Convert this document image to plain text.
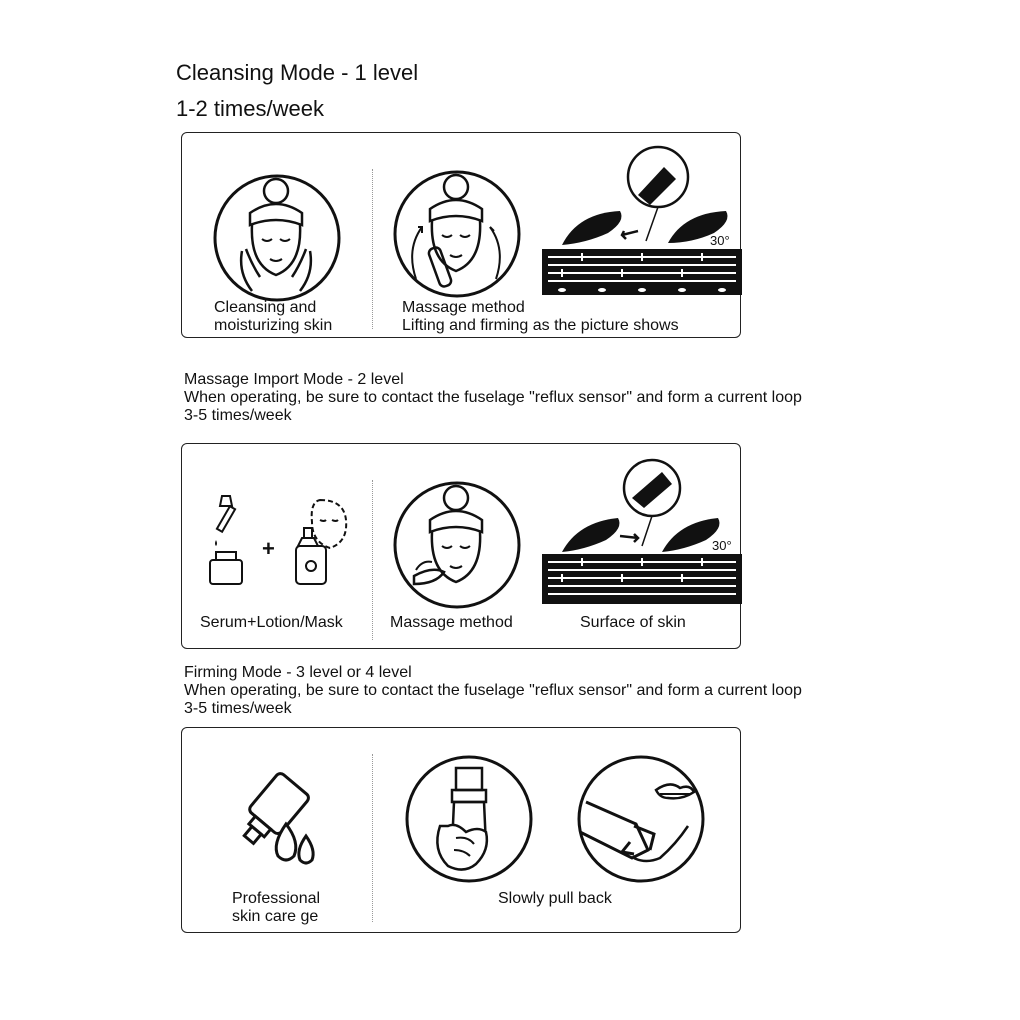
Cleansing Mode - 1 level
1-2 times/week
Cleansing and
moisturizing skin
Massage method
Lifting and firming as the picture shows
30°
Massage Import Mode - 2 level
When operating, be sure to contact the fuselage "reflux sensor" and form a current loop
3-5 times/week
+
Serum+Lotion/Mask	Massage method
30°
Surface of skin
Firming Mode - 3 level or 4 level
When operating, be sure to contact the fuselage "reflux sensor" and form a current loop
3-5 times/week
Professional
skin care ge
Slowly pull back
